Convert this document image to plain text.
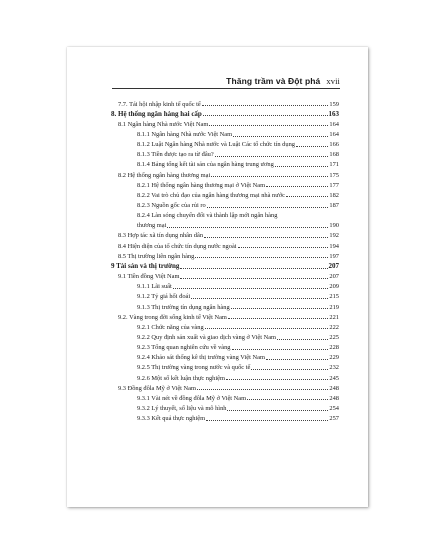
Thăng trầm và Đột phá xvii
7.7. Tái hội nhập kinh tế quốc tế	159
8. Hệ thống ngân hàng hai cấp	163
8.1 Ngân hàng Nhà nước Việt Nam	164
8.1.1 Ngân hàng Nhà nước Việt Nam	164
8.1.2 Luật Ngân hàng Nhà nước và Luật Các tổ chức tín dụng	166
8.1.3 Tiền được tạo ra từ đâu?	168
8.1.4 Bảng tổng kết tài sản của ngân hàng trung ương	171
8.2 Hệ thống ngân hàng thương mại	175
8.2.1 Hệ thống ngân hàng thương mại ở Việt Nam	177
8.2.2 Vai trò chủ đạo của ngân hàng thương mại nhà nước	182
8.2.3 Nguồn gốc của rủi ro	187
8.2.4 Làn sóng chuyển đổi và thành lập mới ngân hàng
thương mại	190
8.3 Hợp tác xã tín dụng nhân dân	192
8.4 Hiện diện của tổ chức tín dụng nước ngoài	194
8.5 Thị trường liên ngân hàng	197
9 Tài sản và thị trường	207
9.1 Tiền đồng Việt Nam	207
9.1.1 Lãi suất	209
9.1.2 Tỷ giá hối đoái	215
9.1.3 Thị trường tín dụng ngân hàng	219
9.2. Vàng trong đời sống kinh tế Việt Nam	221
9.2.1 Chức năng của vàng	222
9.2.2 Quy định sản xuất và giao dịch vàng ở Việt Nam	225
9.2.3 Tổng quan nghiên cứu về vàng	228
9.2.4 Khảo sát thống kê thị trường vàng Việt Nam	229
9.2.5 Thị trường vàng trong nước và quốc tế	232
9.2.6 Một số kết luận thực nghiệm	245
9.3 Đồng đôla Mỹ ở Việt Nam	248
9.3.1 Vài nét về đồng đôla Mỹ ở Việt Nam	248
9.3.2 Lý thuyết, số liệu và mô hình	254
9.3.3 Kết quả thực nghiệm	257
